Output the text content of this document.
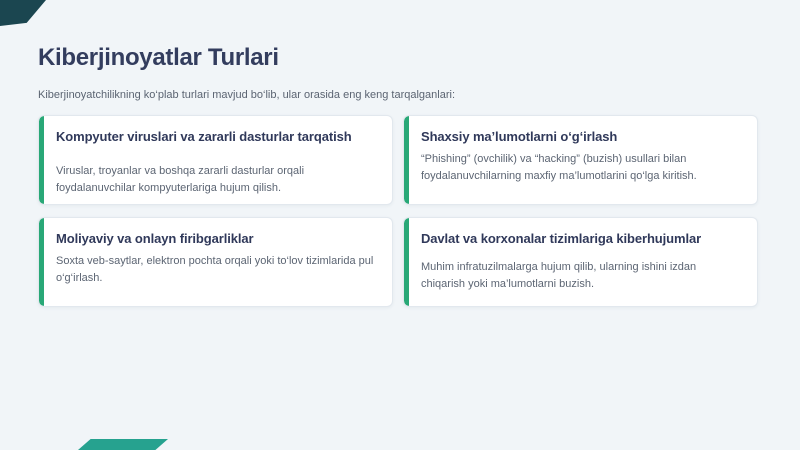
Kiberjinoyatlar Turlari

Kiberjinoyatchilikning ko‘plab turlari mavjud bo‘lib, ular orasida eng keng tarqalganlari:

Kompyuter viruslari va zararli dasturlar tarqatish

Viruslar, troyanlar va boshqa zararli dasturlar orqali foydalanuvchilar kompyuterlariga hujum qilish.

Shaxsiy ma’lumotlarni o‘g‘irlash

“Phishing” (ovchilik) va “hacking” (buzish) usullari bilan foydalanuvchilarning maxfiy ma’lumotlarini qo‘lga kiritish.

Moliyaviy va onlayn firibgarliklar

Soxta veb-saytlar, elektron pochta orqali yoki to‘lov tizimlarida pul o‘g‘irlash.

Davlat va korxonalar tizimlariga kiberhujumlar

Muhim infratuzilmalarga hujum qilib, ularning ishini izdan chiqarish yoki ma’lumotlarni buzish.
